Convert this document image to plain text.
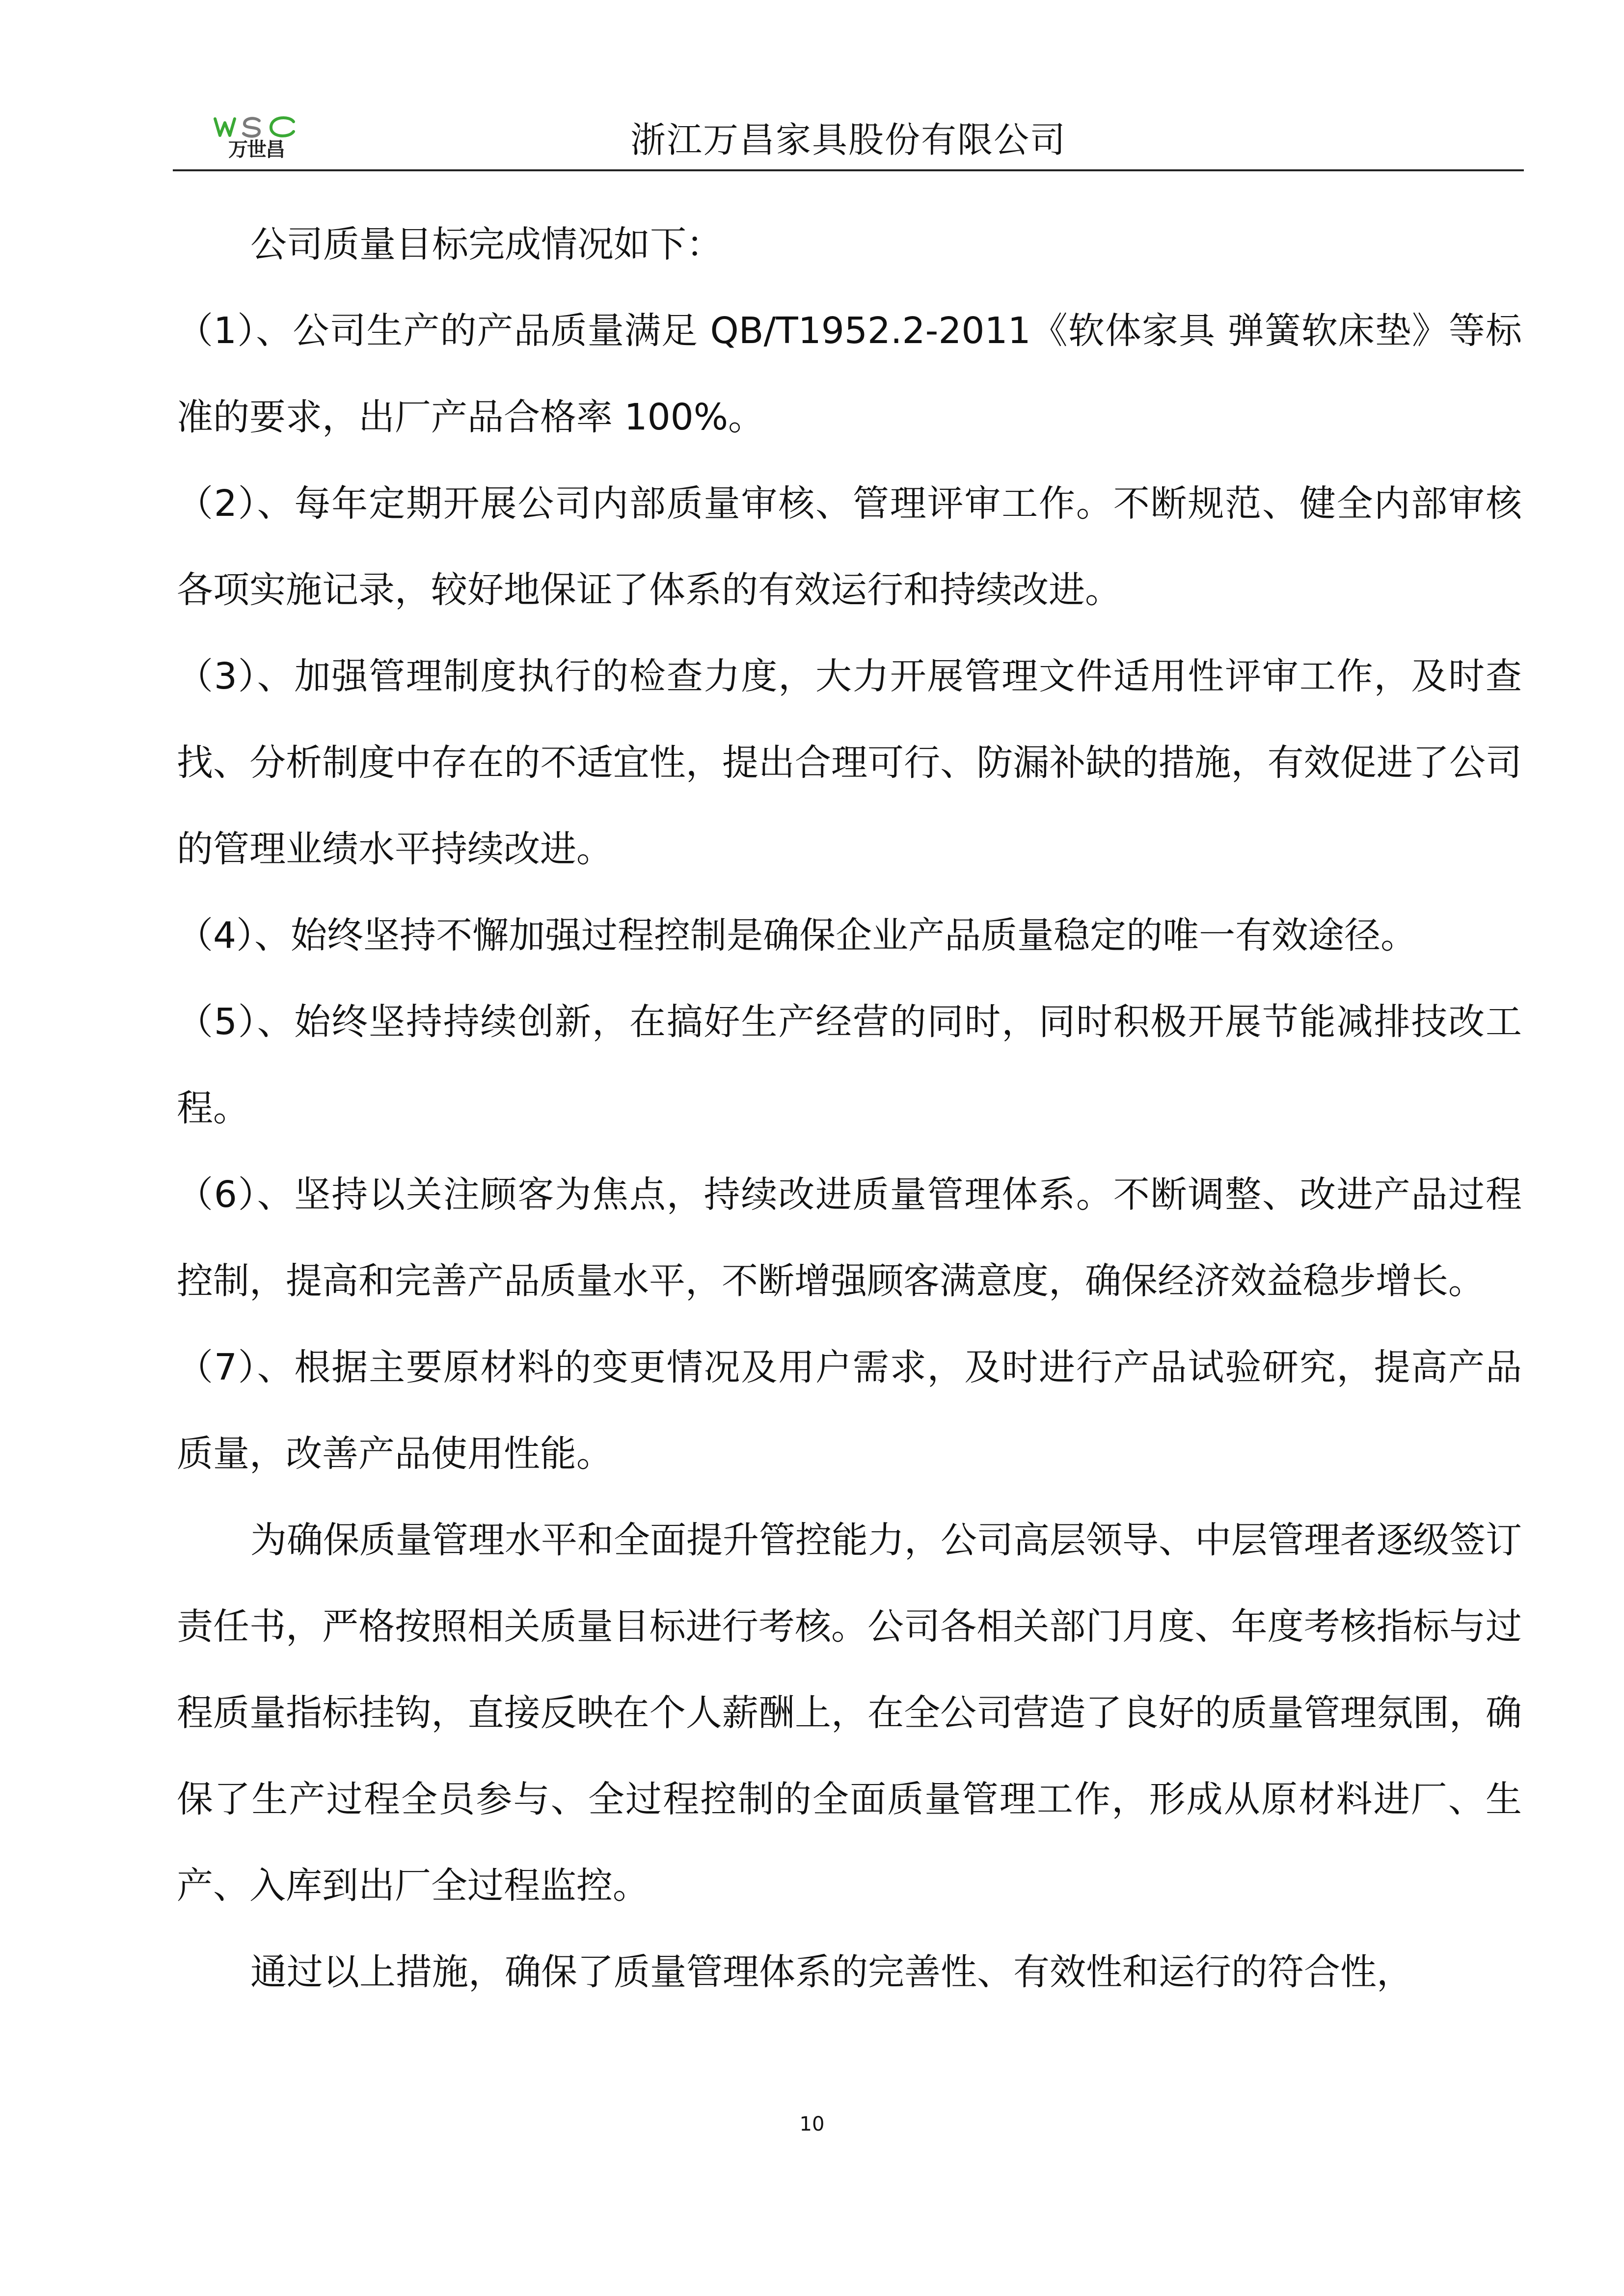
万世昌	浙江万昌家具股份有限公司

公司质量目标完成情况如下：

（1）、公司生产的产品质量满足 QB/T1952.2-2011《软体家具 弹簧软床垫》等标准的要求，出厂产品合格率 100%。

（2）、每年定期开展公司内部质量审核、管理评审工作。不断规范、健全内部审核各项实施记录，较好地保证了体系的有效运行和持续改进。

（3）、加强管理制度执行的检查力度，大力开展管理文件适用性评审工作，及时查找、分析制度中存在的不适宜性，提出合理可行、防漏补缺的措施，有效促进了公司的管理业绩水平持续改进。

（4）、始终坚持不懈加强过程控制是确保企业产品质量稳定的唯一有效途径。

（5）、始终坚持持续创新，在搞好生产经营的同时，同时积极开展节能减排技改工程。

（6）、坚持以关注顾客为焦点，持续改进质量管理体系。不断调整、改进产品过程控制，提高和完善产品质量水平，不断增强顾客满意度，确保经济效益稳步增长。

（7）、根据主要原材料的变更情况及用户需求，及时进行产品试验研究，提高产品质量，改善产品使用性能。

为确保质量管理水平和全面提升管控能力，公司高层领导、中层管理者逐级签订责任书，严格按照相关质量目标进行考核。公司各相关部门月度、年度考核指标与过程质量指标挂钩，直接反映在个人薪酬上，在全公司营造了良好的质量管理氛围，确保了生产过程全员参与、全过程控制的全面质量管理工作，形成从原材料进厂、生产、入库到出厂全过程监控。

通过以上措施，确保了质量管理体系的完善性、有效性和运行的符合性，

10
